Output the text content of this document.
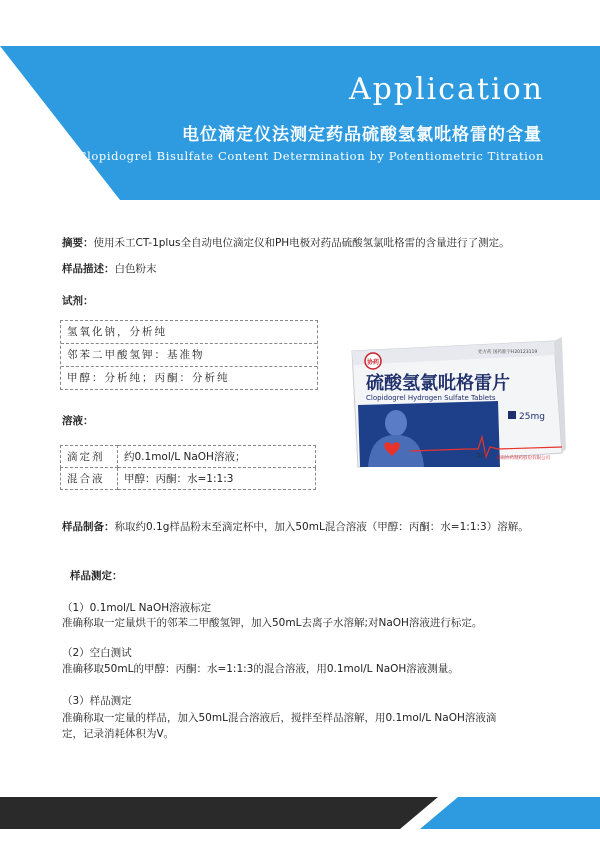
Application
电位滴定仪法测定药品硫酸氢氯吡格雷的含量
Clopidogrel Bisulfate Content Determination by Potentiometric Titration
摘要：使用禾工CT-1plus全自动电位滴定仪和PH电极对药品硫酸氢氯吡格雷的含量进行了测定。
样品描述：白色粉末
试剂：
氢氧化钠，分析纯
邻苯二甲酸氢钾：基准物
甲醇：分析纯；丙酮：分析纯
溶液：
滴定剂	约0.1mol/L NaOH溶液；
混合液	甲醇：丙酮：水=1:1:3
协药
处方药 国药准字H20123119
硫酸氢氯吡格雷片
Clopidogrel Hydrogen Sulfate Tablets
25mg
20片 湖南协药制药股份有限公司
样品制备：称取约0.1g样品粉末至滴定杯中，加入50mL混合溶液（甲醇：丙酮：水=1:1:3）溶解。
样品测定：
（1）0.1mol/L NaOH溶液标定
准确称取一定量烘干的邻苯二甲酸氢钾，加入50mL去离子水溶解;对NaOH溶液进行标定。
（2）空白测试
准确移取50mL的甲醇：丙酮：水=1:1:3的混合溶液，用0.1mol/L NaOH溶液测量。
（3）样品测定
准确称取一定量的样品，加入50mL混合溶液后，搅拌至样品溶解，用0.1mol/L NaOH溶液滴
定，记录消耗体积为V。
